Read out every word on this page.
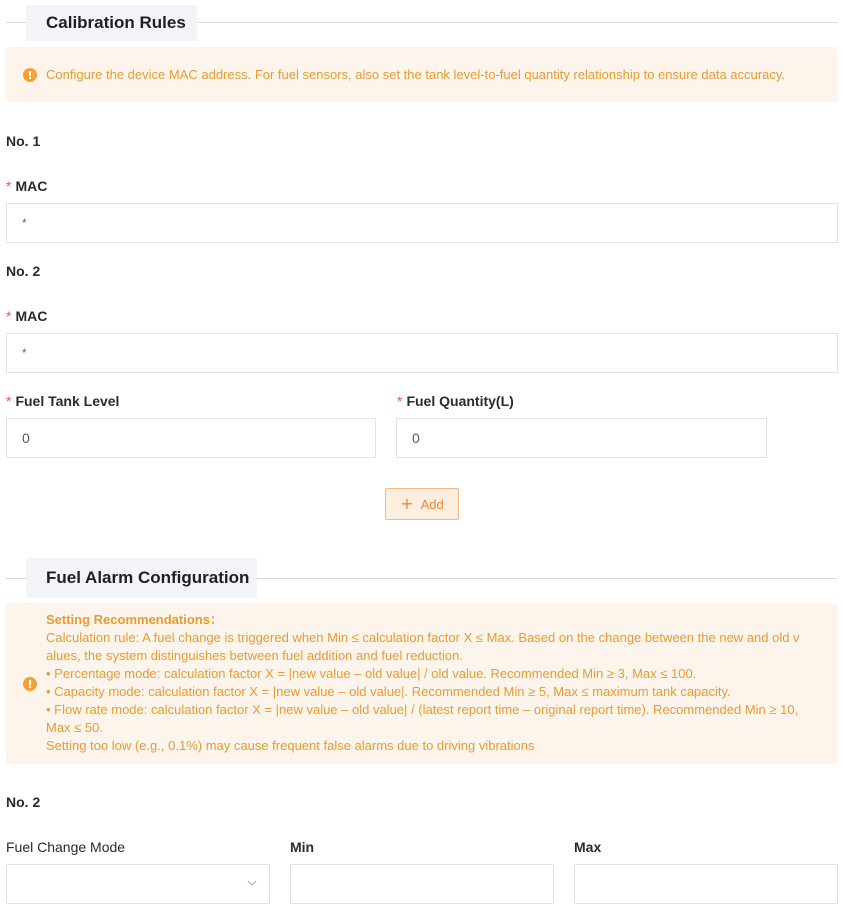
Calibration Rules
!	Configure the device MAC address. For fuel sensors, also set the tank level-to-fuel quantity relationship to ensure data accuracy.
No. 1
* MAC
*
No. 2
* MAC
*
* Fuel Tank Level
0
* Fuel Quantity(L)
0
+ Add
Fuel Alarm Configuration
!
Setting Recommendations：
Calculation rule: A fuel change is triggered when Min ≤ calculation factor X ≤ Max. Based on the change between the new and old v
alues, the system distinguishes between fuel addition and fuel reduction.
• Percentage mode: calculation factor X = |new value – old value| / old value. Recommended Min ≥ 3, Max ≤ 100.
• Capacity mode: calculation factor X = |new value – old value|. Recommended Min ≥ 5, Max ≤ maximum tank capacity.
• Flow rate mode: calculation factor X = |new value – old value| / (latest report time – original report time). Recommended Min ≥ 10,
Max ≤ 50.
Setting too low (e.g., 0.1%) may cause frequent false alarms due to driving vibrations
No. 2
Fuel Change Mode	Min	Max
